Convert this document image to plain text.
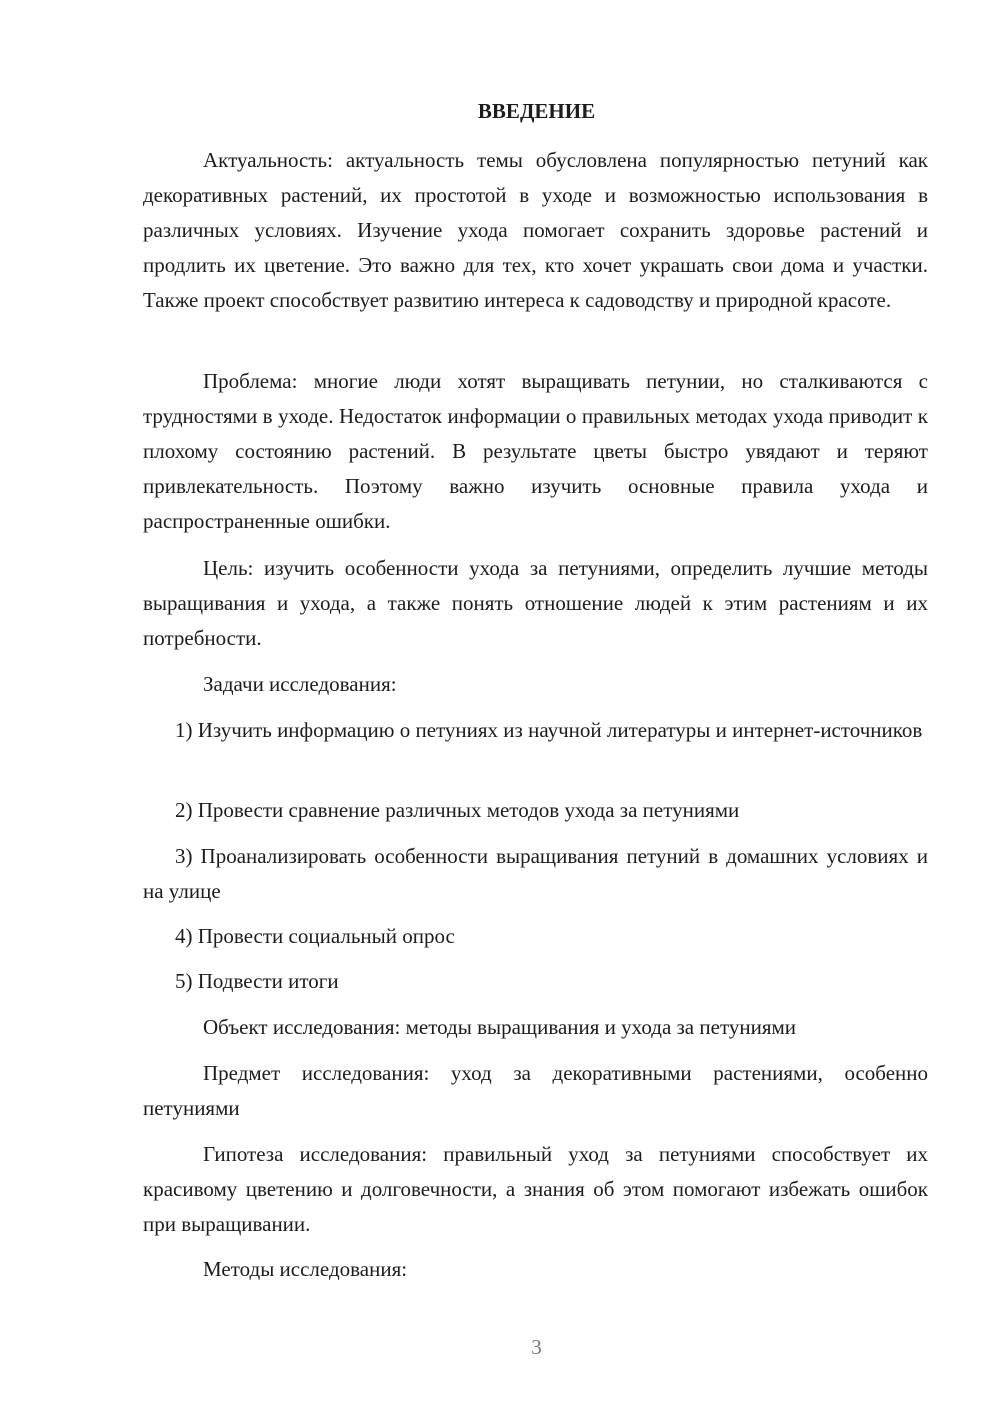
ВВЕДЕНИЕ

Актуальность: актуальность темы обусловлена популярностью петуний как декоративных растений, их простотой в уходе и возможностью использования в различных условиях. Изучение ухода помогает сохранить здоровье растений и продлить их цветение. Это важно для тех, кто хочет украшать свои дома и участки. Также проект способствует развитию интереса к садоводству и природной красоте.

Проблема: многие люди хотят выращивать петунии, но сталкиваются с трудностями в уходе. Недостаток информации о правильных методах ухода приводит к плохому состоянию растений. В результате цветы быстро увядают и теряют привлекательность. Поэтому важно изучить основные правила ухода и распространенные ошибки.

Цель: изучить особенности ухода за петуниями, определить лучшие методы выращивания и ухода, а также понять отношение людей к этим растениям и их потребности.

Задачи исследования:

1) Изучить информацию о петуниях из научной литературы и интернет-источников

2) Провести сравнение различных методов ухода за петуниями

3) Проанализировать особенности выращивания петуний в домашних условиях и на улице

4) Провести социальный опрос

5) Подвести итоги

Объект исследования: методы выращивания и ухода за петуниями

Предмет исследования: уход за декоративными растениями, особенно петуниями

Гипотеза исследования: правильный уход за петуниями способствует их красивому цветению и долговечности, а знания об этом помогают избежать ошибок при выращивании.

Методы исследования:

3
